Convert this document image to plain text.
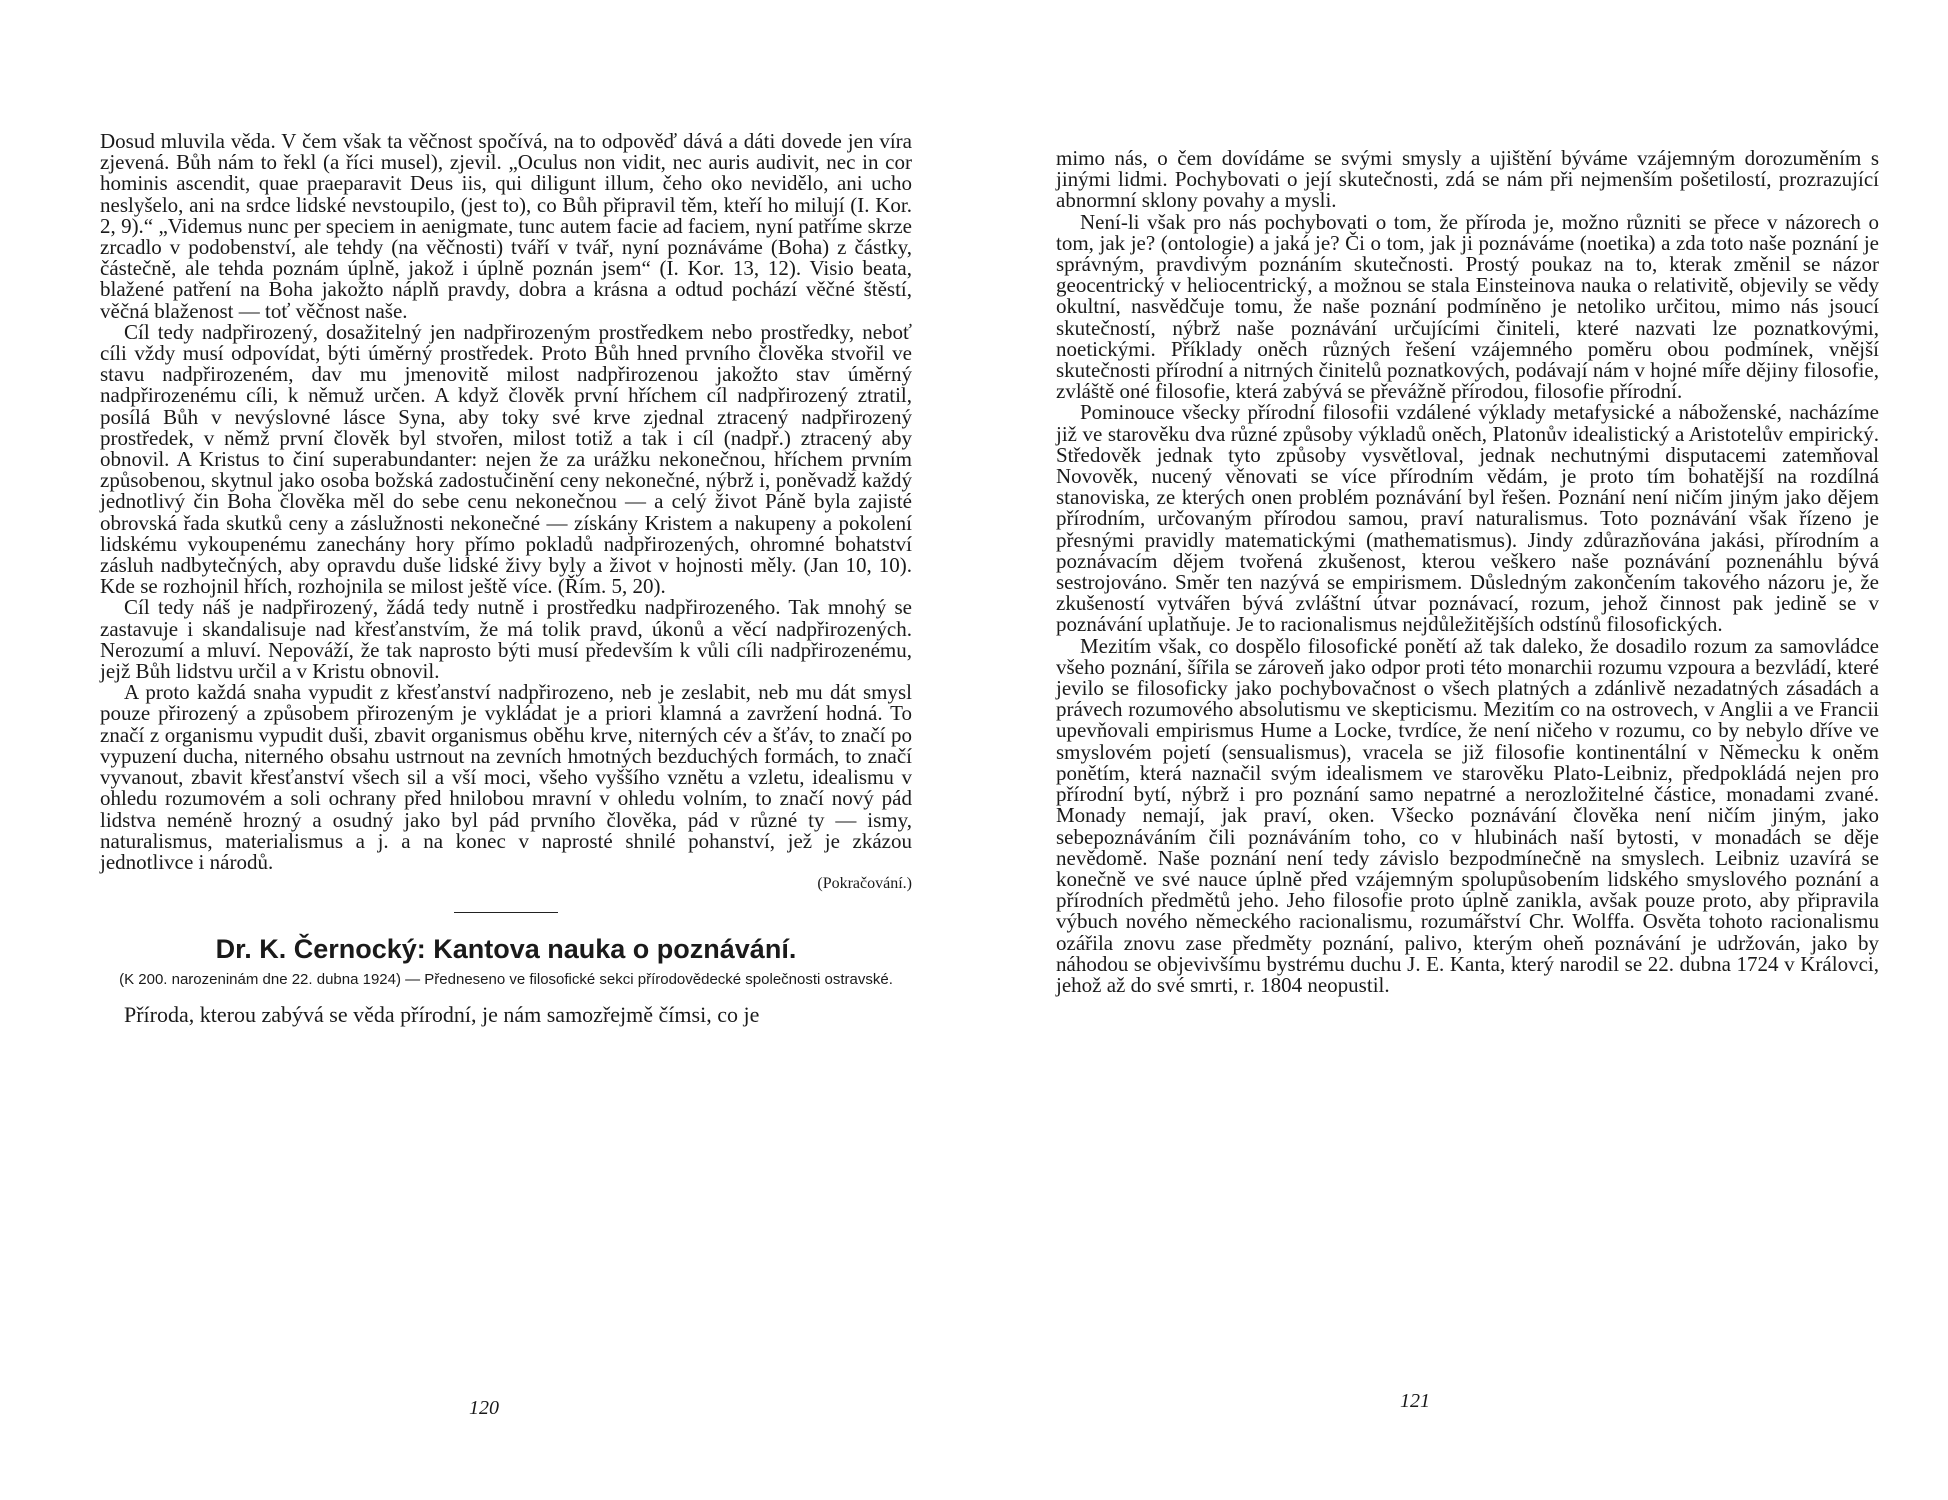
Dosud mluvila věda. V čem však ta věčnost spočívá, na to odpověď dává a dáti dovede jen víra zjevená. Bůh nám to řekl (a říci musel), zjevil. „Oculus non vidit, nec auris audivit, nec in cor hominis ascendit, quae praeparavit Deus iis, qui diligunt illum, čeho oko nevidělo, ani ucho neslyšelo, ani na srdce lidské nevstoupilo, (jest to), co Bůh připravil těm, kteří ho milují (I. Kor. 2, 9).“ „Videmus nunc per speciem in aenigmate, tunc autem facie ad faciem, nyní patříme skrze zrcadlo v podobenství, ale tehdy (na věčnosti) tváří v tvář, nyní poznáváme (Boha) z částky, částečně, ale tehda poznám úplně, jakož i úplně poznán jsem“ (I. Kor. 13, 12). Visio beata, blažené patření na Boha jakožto náplň pravdy, dobra a krásna a odtud pochází věčné štěstí, věčná blaženost — toť věčnost naše.

Cíl tedy nadpřirozený, dosažitelný jen nadpřirozeným prostředkem nebo prostředky, neboť cíli vždy musí odpovídat, býti úměrný prostředek. Proto Bůh hned prvního člověka stvořil ve stavu nadpřirozeném, dav mu jmenovitě milost nadpřirozenou jakožto stav úměrný nadpřirozenému cíli, k němuž určen. A když člověk první hříchem cíl nadpřirozený ztratil, posílá Bůh v nevýslovné lásce Syna, aby toky své krve zjednal ztracený nadpřirozený prostředek, v němž první člověk byl stvořen, milost totiž a tak i cíl (nadpř.) ztracený aby obnovil. A Kristus to činí superabundanter: nejen že za urážku nekonečnou, hříchem prvním způsobenou, skytnul jako osoba božská zadostučinění ceny nekonečné, nýbrž i, poněvadž každý jednotlivý čin Boha člověka měl do sebe cenu nekonečnou — a celý život Páně byla zajisté obrovská řada skutků ceny a záslužnosti nekonečné — získány Kristem a nakupeny a pokolení lidskému vykoupenému zanechány hory přímo pokladů nadpřirozených, ohromné bohatství zásluh nadbytečných, aby opravdu duše lidské živy byly a život v hojnosti měly. (Jan 10, 10). Kde se rozhojnil hřích, rozhojnila se milost ještě více. (Řím. 5, 20).

Cíl tedy náš je nadpřirozený, žádá tedy nutně i prostředku nadpřirozeného. Tak mnohý se zastavuje i skandalisuje nad křesťanstvím, že má tolik pravd, úkonů a věcí nadpřirozených. Nerozumí a mluví. Nepováží, že tak naprosto býti musí především k vůli cíli nadpřirozenému, jejž Bůh lidstvu určil a v Kristu obnovil.

A proto každá snaha vypudit z křesťanství nadpřirozeno, neb je zeslabit, neb mu dát smysl pouze přirozený a způsobem přirozeným je vykládat je a priori klamná a zavržení hodná. To značí z organismu vypudit duši, zbavit organismus oběhu krve, niterných cév a šťáv, to značí po vypuzení ducha, niterného obsahu ustrnout na zevních hmotných bezduchých formách, to značí vyvanout, zbavit křesťanství všech sil a vší moci, všeho vyššího vznětu a vzletu, idealismu v ohledu rozumovém a soli ochrany před hnilobou mravní v ohledu volním, to značí nový pád lidstva neméně hrozný a osudný jako byl pád prvního člověka, pád v různé ty — ismy, naturalismus, materialismus a j. a na konec v naprosté shnilé pohanství, jež je zkázou jednotlivce i národů.

(Pokračování.)
Dr. K. Černocký: Kantova nauka o poznávání.
(K 200. narozeninám dne 22. dubna 1924) — Předneseno ve filosofické sekci přírodovědecké společnosti ostravské.

Příroda, kterou zabývá se věda přírodní, je nám samozřejmě čímsi, co je

120

mimo nás, o čem dovídáme se svými smysly a ujištění býváme vzájemným dorozuměním s jinými lidmi. Pochybovati o její skutečnosti, zdá se nám při nejmenším pošetilostí, prozrazující abnormní sklony povahy a mysli.

Není-li však pro nás pochybovati o tom, že příroda je, možno různiti se přece v názorech o tom, jak je? (ontologie) a jaká je? Či o tom, jak ji poznáváme (noetika) a zda toto naše poznání je správným, pravdivým poznáním skutečnosti. Prostý poukaz na to, kterak změnil se názor geocentrický v heliocentrický, a možnou se stala Einsteinova nauka o relativitě, objevily se vědy okultní, nasvědčuje tomu, že naše poznání podmíněno je netoliko určitou, mimo nás jsoucí skutečností, nýbrž naše poznávání určujícími činiteli, které nazvati lze poznatkovými, noetickými. Příklady oněch různých řešení vzájemného poměru obou podmínek, vnější skutečnosti přírodní a nitrných činitelů poznatkových, podávají nám v hojné míře dějiny filosofie, zvláště oné filosofie, která zabývá se převážně přírodou, filosofie přírodní.

Pominouce všecky přírodní filosofii vzdálené výklady metafysické a náboženské, nacházíme již ve starověku dva různé způsoby výkladů oněch, Platonův idealistický a Aristotelův empirický. Středověk jednak tyto způsoby vysvětloval, jednak nechutnými disputacemi zatemňoval Novověk, nucený věnovati se více přírodním vědám, je proto tím bohatější na rozdílná stanoviska, ze kterých onen problém poznávání byl řešen. Poznání není ničím jiným jako dějem přírodním, určovaným přírodou samou, praví naturalismus. Toto poznávání však řízeno je přesnými pravidly matematickými (mathematismus). Jindy zdůrazňována jakási, přírodním a poznávacím dějem tvořená zkušenost, kterou veškero naše poznávání poznenáhlu bývá sestrojováno. Směr ten nazývá se empirismem. Důsledným zakončením takového názoru je, že zkušeností vytvářen bývá zvláštní útvar poznávací, rozum, jehož činnost pak jedině se v poznávání uplatňuje. Je to racionalismus nejdůležitějších odstínů filosofických.

Mezitím však, co dospělo filosofické ponětí až tak daleko, že dosadilo rozum za samovládce všeho poznání, šířila se zároveň jako odpor proti této monarchii rozumu vzpoura a bezvládí, které jevilo se filosoficky jako pochybovačnost o všech platných a zdánlivě nezadatných zásadách a právech rozumového absolutismu ve skepticismu. Mezitím co na ostrovech, v Anglii a ve Francii upevňovali empirismus Hume a Locke, tvrdíce, že není ničeho v rozumu, co by nebylo dříve ve smyslovém pojetí (sensualismus), vracela se již filosofie kontinentální v Německu k oněm ponětím, která naznačil svým idealismem ve starověku Plato-Leibniz, předpokládá nejen pro přírodní bytí, nýbrž i pro poznání samo nepatrné a nerozložitelné částice, monadami zvané. Monady nemají, jak praví, oken. Všecko poznávání člověka není ničím jiným, jako sebepoznáváním čili poznáváním toho, co v hlubinách naší bytosti, v monadách se děje nevědomě. Naše poznání není tedy závislo bezpodmínečně na smyslech. Leibniz uzavírá se konečně ve své nauce úplně před vzájemným spolupůsobením lidského smyslového poznání a přírodních předmětů jeho. Jeho filosofie proto úplně zanikla, avšak pouze proto, aby připravila výbuch nového německého racionalismu, rozumářství Chr. Wolffa. Osvěta tohoto racionalismu ozářila znovu zase předměty poznání, palivo, kterým oheň poznávání je udržován, jako by náhodou se objevivšímu bystrému duchu J. E. Kanta, který narodil se 22. dubna 1724 v Královci, jehož až do své smrti, r. 1804 neopustil.

121
